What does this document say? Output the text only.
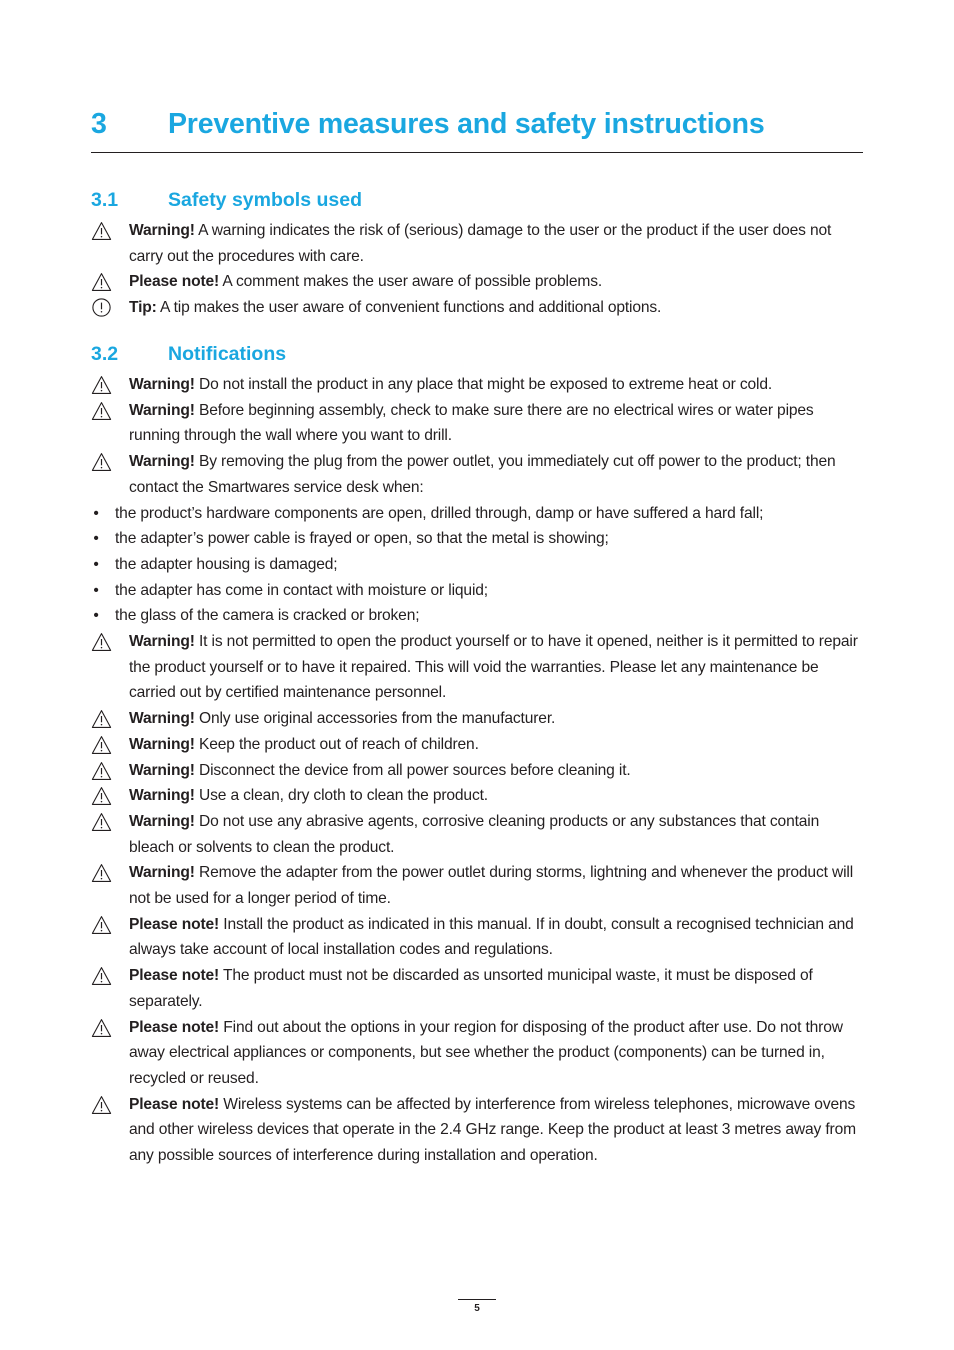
3 Preventive measures and safety instructions
3.1	Safety symbols used
Warning! A warning indicates the risk of (serious) damage to the user or the product if the user does not carry out the procedures with care.
Please note! A comment makes the user aware of possible problems.
Tip: A tip makes the user aware of convenient functions and additional options.
3.2	Notifications
Warning! Do not install the product in any place that might be exposed to extreme heat or cold.
Warning! Before beginning assembly, check to make sure there are no electrical wires or water pipes running through the wall where you want to drill.
Warning! By removing the plug from the power outlet, you immediately cut off power to the product; then contact the Smartwares service desk when:
• the product’s hardware components are open, drilled through, damp or have suffered a hard fall;
• the adapter’s power cable is frayed or open, so that the metal is showing;
• the adapter housing is damaged;
• the adapter has come in contact with moisture or liquid;
• the glass of the camera is cracked or broken;
Warning! It is not permitted to open the product yourself or to have it opened, neither is it permitted to repair the product yourself or to have it repaired. This will void the warranties. Please let any maintenance be carried out by certified maintenance personnel.
Warning! Only use original accessories from the manufacturer.
Warning! Keep the product out of reach of children.
Warning! Disconnect the device from all power sources before cleaning it.
Warning! Use a clean, dry cloth to clean the product.
Warning! Do not use any abrasive agents, corrosive cleaning products or any substances that contain bleach or solvents to clean the product.
Warning! Remove the adapter from the power outlet during storms, lightning and whenever the product will not be used for a longer period of time.
Please note! Install the product as indicated in this manual. If in doubt, consult a recognised technician and always take account of local installation codes and regulations.
Please note! The product must not be discarded as unsorted municipal waste, it must be disposed of separately.
Please note! Find out about the options in your region for disposing of the product after use. Do not throw away electrical appliances or components, but see whether the product (components) can be turned in, recycled or reused.
Please note! Wireless systems can be affected by interference from wireless telephones, microwave ovens and other wireless devices that operate in the 2.4 GHz range. Keep the product at least 3 metres away from any possible sources of interference during installation and operation.
5
